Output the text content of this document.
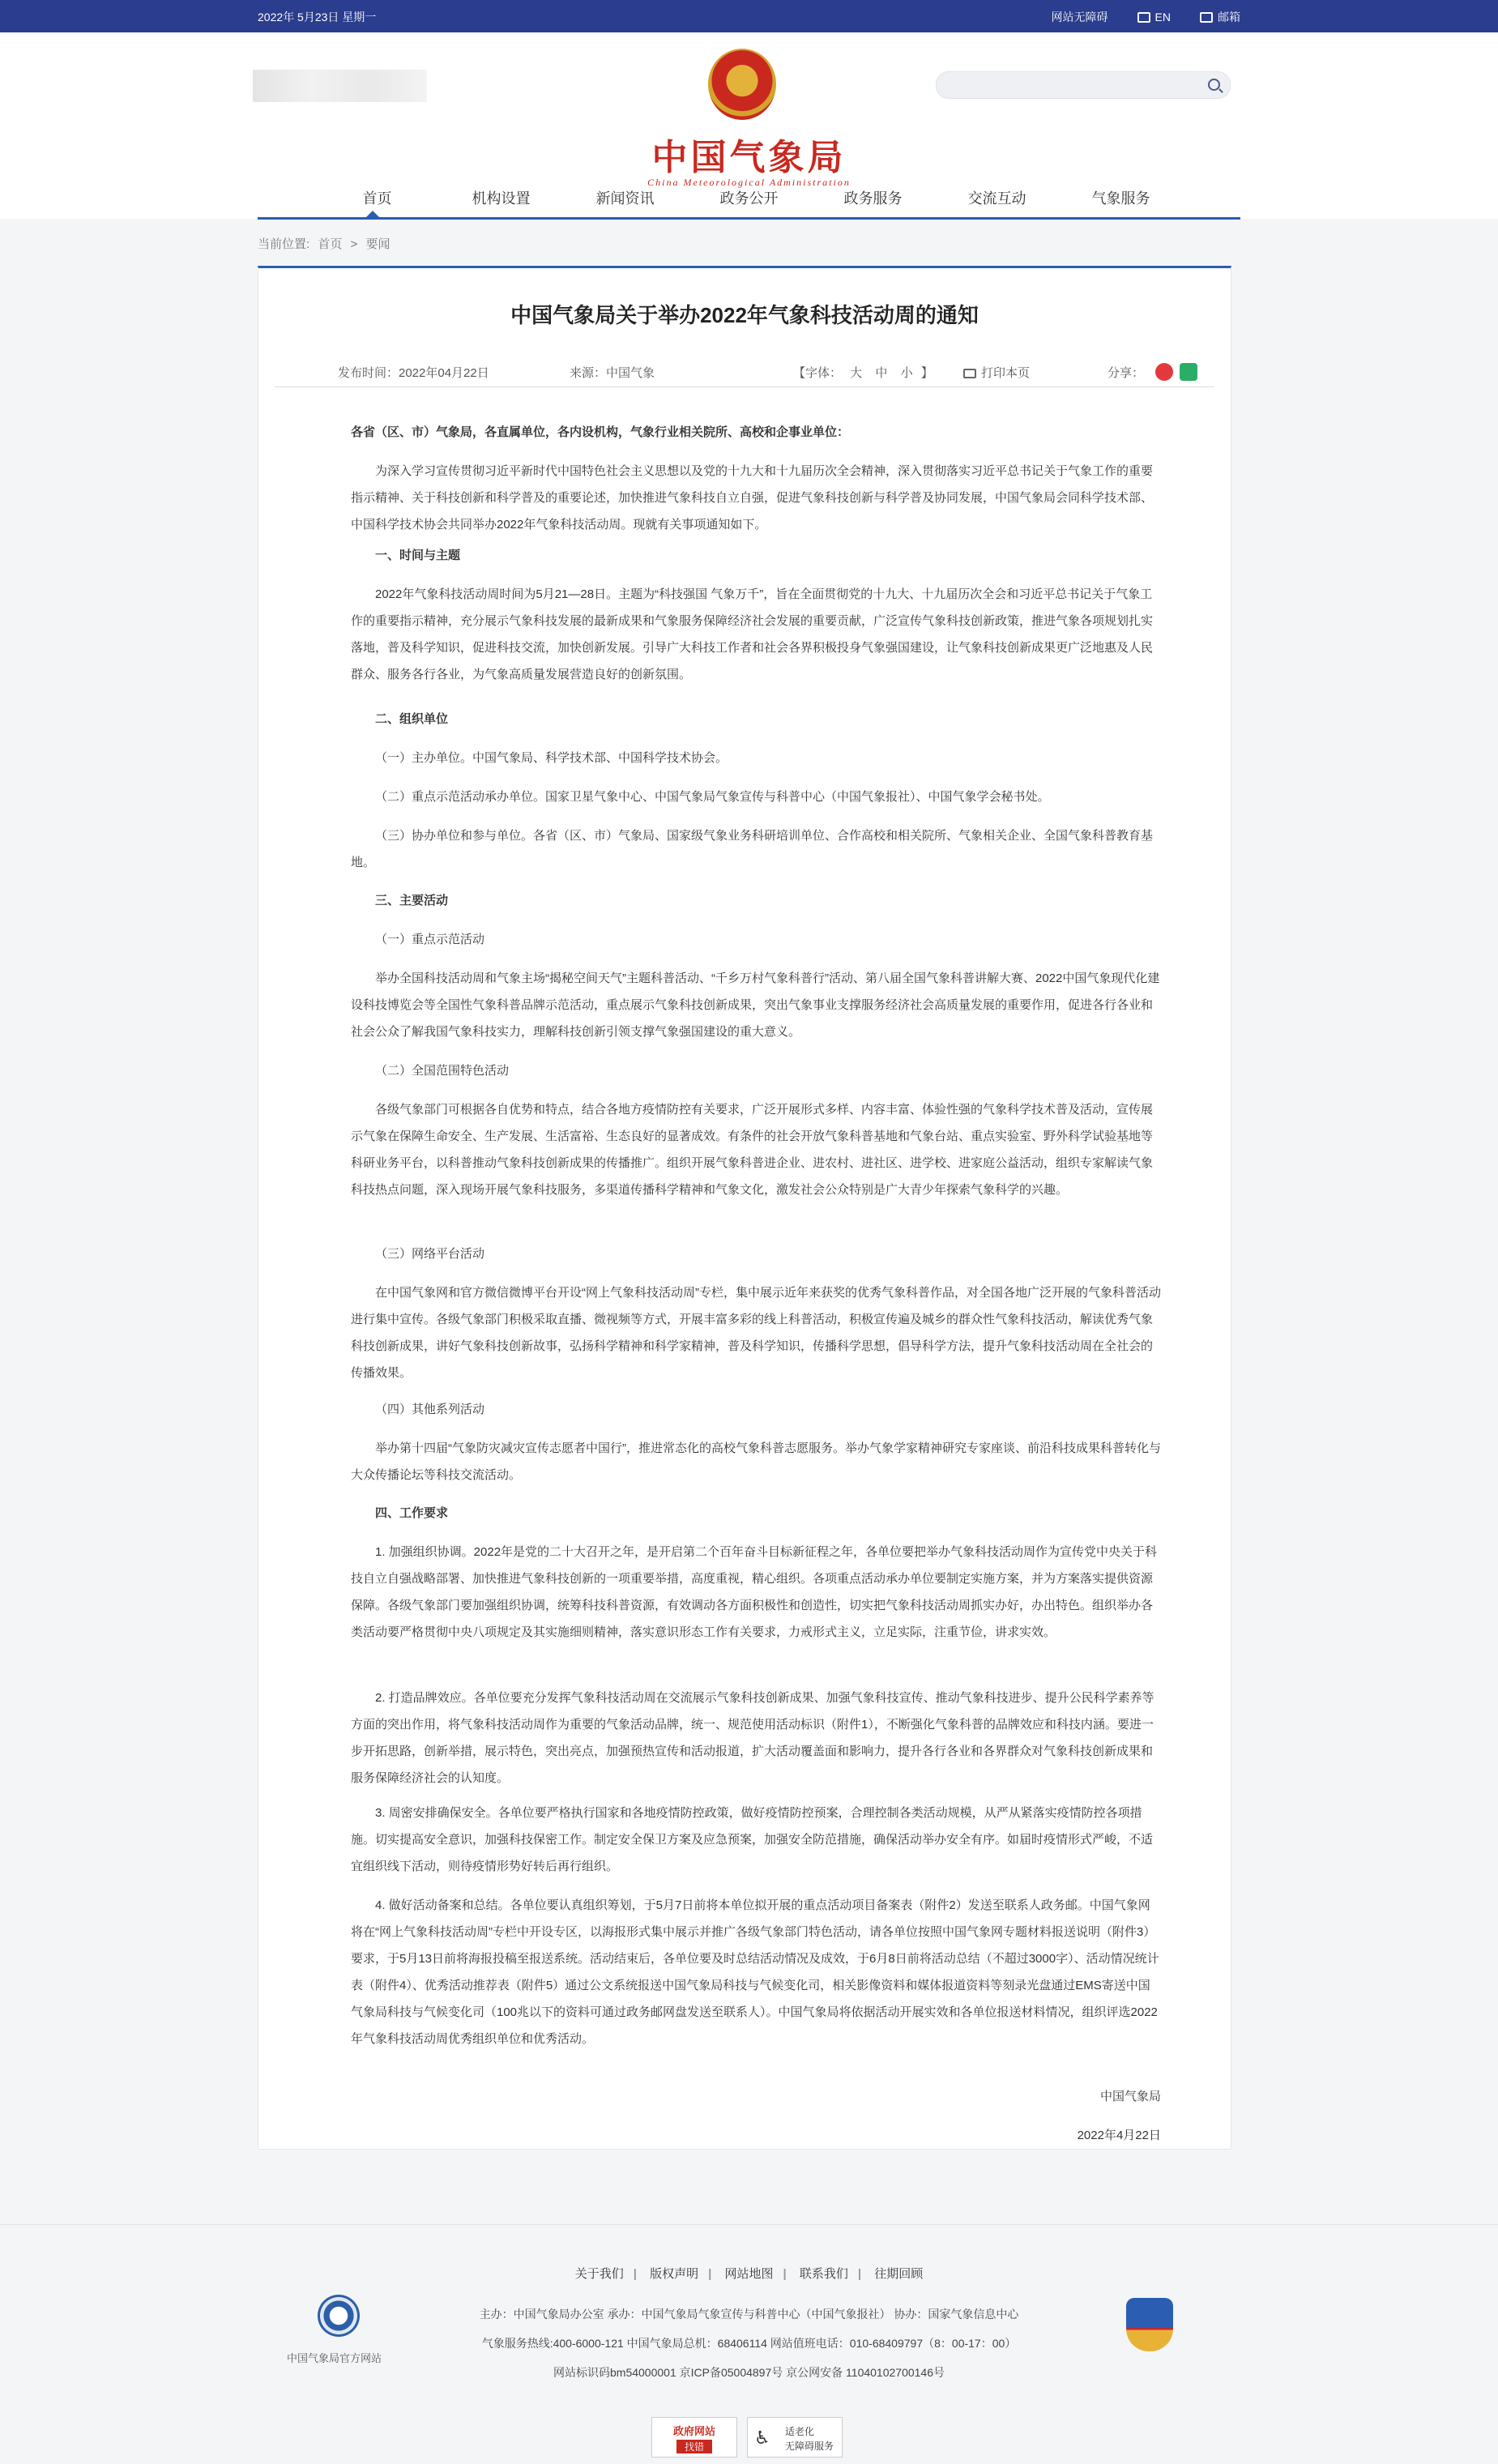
2022年 5月23日 星期一	网站无障碍	EN	邮箱
中国气象局
China Meteorological Administration
首页	机构设置	新闻资讯	政务公开	政务服务	交流互动	气象服务
当前位置: 首页 > 要闻
中国气象局关于举办2022年气象科技活动周的通知
发布时间：2022年04月22日	来源：中国气象	【字体： 大 中 小 】	打印本页	分享：

各省（区、市）气象局，各直属单位，各内设机构，气象行业相关院所、高校和企事业单位：

为深入学习宣传贯彻习近平新时代中国特色社会主义思想以及党的十九大和十九届历次全会精神，深入贯彻落实习近平总书记关于气象工作的重要指示精神、关于科技创新和科学普及的重要论述，加快推进气象科技自立自强，促进气象科技创新与科学普及协同发展，中国气象局会同科学技术部、中国科学技术协会共同举办2022年气象科技活动周。现就有关事项通知如下。

一、时间与主题

2022年气象科技活动周时间为5月21—28日。主题为“科技强国 气象万千”，旨在全面贯彻党的十九大、十九届历次全会和习近平总书记关于气象工作的重要指示精神，充分展示气象科技发展的最新成果和气象服务保障经济社会发展的重要贡献，广泛宣传气象科技创新政策，推进气象各项规划扎实落地，普及科学知识，促进科技交流，加快创新发展。引导广大科技工作者和社会各界积极投身气象强国建设，让气象科技创新成果更广泛地惠及人民群众、服务各行各业，为气象高质量发展营造良好的创新氛围。

二、组织单位

（一）主办单位。中国气象局、科学技术部、中国科学技术协会。

（二）重点示范活动承办单位。国家卫星气象中心、中国气象局气象宣传与科普中心（中国气象报社）、中国气象学会秘书处。

（三）协办单位和参与单位。各省（区、市）气象局、国家级气象业务科研培训单位、合作高校和相关院所、气象相关企业、全国气象科普教育基地。

三、主要活动

（一）重点示范活动

举办全国科技活动周和气象主场“揭秘空间天气”主题科普活动、“千乡万村气象科普行”活动、第八届全国气象科普讲解大赛、2022中国气象现代化建设科技博览会等全国性气象科普品牌示范活动，重点展示气象科技创新成果，突出气象事业支撑服务经济社会高质量发展的重要作用，促进各行各业和社会公众了解我国气象科技实力，理解科技创新引领支撑气象强国建设的重大意义。

（二）全国范围特色活动

各级气象部门可根据各自优势和特点，结合各地方疫情防控有关要求，广泛开展形式多样、内容丰富、体验性强的气象科学技术普及活动，宣传展示气象在保障生命安全、生产发展、生活富裕、生态良好的显著成效。有条件的社会开放气象科普基地和气象台站、重点实验室、野外科学试验基地等科研业务平台，以科普推动气象科技创新成果的传播推广。组织开展气象科普进企业、进农村、进社区、进学校、进家庭公益活动，组织专家解读气象科技热点问题，深入现场开展气象科技服务，多渠道传播科学精神和气象文化，激发社会公众特别是广大青少年探索气象科学的兴趣。

（三）网络平台活动

在中国气象网和官方微信微博平台开设“网上气象科技活动周”专栏，集中展示近年来获奖的优秀气象科普作品，对全国各地广泛开展的气象科普活动进行集中宣传。各级气象部门积极采取直播、微视频等方式，开展丰富多彩的线上科普活动，积极宣传遍及城乡的群众性气象科技活动，解读优秀气象科技创新成果，讲好气象科技创新故事，弘扬科学精神和科学家精神，普及科学知识，传播科学思想，倡导科学方法，提升气象科技活动周在全社会的传播效果。

（四）其他系列活动

举办第十四届“气象防灾减灾宣传志愿者中国行”，推进常态化的高校气象科普志愿服务。举办气象学家精神研究专家座谈、前沿科技成果科普转化与大众传播论坛等科技交流活动。

四、工作要求

1. 加强组织协调。2022年是党的二十大召开之年，是开启第二个百年奋斗目标新征程之年，各单位要把举办气象科技活动周作为宣传党中央关于科技自立自强战略部署、加快推进气象科技创新的一项重要举措，高度重视，精心组织。各项重点活动承办单位要制定实施方案，并为方案落实提供资源保障。各级气象部门要加强组织协调，统筹科技科普资源，有效调动各方面积极性和创造性，切实把气象科技活动周抓实办好，办出特色。组织举办各类活动要严格贯彻中央八项规定及其实施细则精神，落实意识形态工作有关要求，力戒形式主义，立足实际，注重节俭，讲求实效。

2. 打造品牌效应。各单位要充分发挥气象科技活动周在交流展示气象科技创新成果、加强气象科技宣传、推动气象科技进步、提升公民科学素养等方面的突出作用，将气象科技活动周作为重要的气象活动品牌，统一、规范使用活动标识（附件1），不断强化气象科普的品牌效应和科技内涵。要进一步开拓思路，创新举措，展示特色，突出亮点，加强预热宣传和活动报道，扩大活动覆盖面和影响力，提升各行各业和各界群众对气象科技创新成果和服务保障经济社会的认知度。

3. 周密安排确保安全。各单位要严格执行国家和各地疫情防控政策，做好疫情防控预案，合理控制各类活动规模，从严从紧落实疫情防控各项措施。切实提高安全意识，加强科技保密工作。制定安全保卫方案及应急预案，加强安全防范措施，确保活动举办安全有序。如届时疫情形式严峻，不适宜组织线下活动，则待疫情形势好转后再行组织。

4. 做好活动备案和总结。各单位要认真组织筹划，于5月7日前将本单位拟开展的重点活动项目备案表（附件2）发送至联系人政务邮。中国气象网将在“网上气象科技活动周”专栏中开设专区，以海报形式集中展示并推广各级气象部门特色活动，请各单位按照中国气象网专题材料报送说明（附件3）要求，于5月13日前将海报投稿至报送系统。活动结束后，各单位要及时总结活动情况及成效，于6月8日前将活动总结（不超过3000字）、活动情况统计表（附件4）、优秀活动推荐表（附件5）通过公文系统报送中国气象局科技与气候变化司，相关影像资料和媒体报道资料等刻录光盘通过EMS寄送中国气象局科技与气候变化司（100兆以下的资料可通过政务邮网盘发送至联系人）。中国气象局将依据活动开展实效和各单位报送材料情况，组织评选2022年气象科技活动周优秀组织单位和优秀活动。

中国气象局

2022年4月22日

关于我们 | 版权声明 | 网站地图 | 联系我们 | 往期回顾
主办：中国气象局办公室 承办：中国气象局气象宣传与科普中心（中国气象报社） 协办：国家气象信息中心
气象服务热线:400-6000-121 中国气象局总机：68406114 网站值班电话：010-68409797（8：00-17：00）
网站标识码bm54000001 京ICP备05004897号 京公网安备 11040102700146号
中国气象局官方网站
政府网站
找错	♿ 适老化
无障碍服务
